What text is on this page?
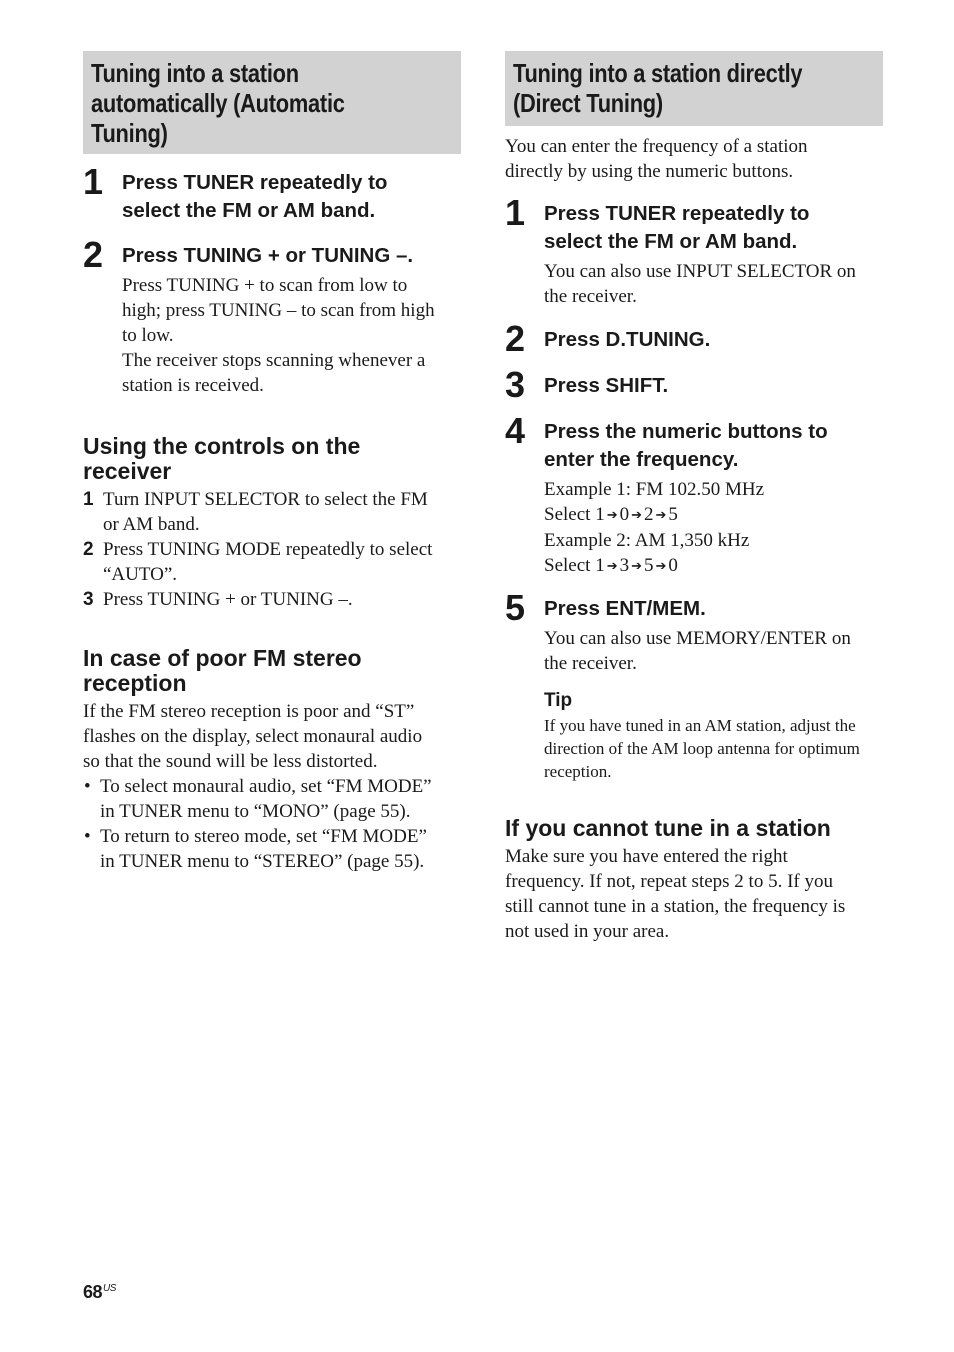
Tuning into a station
automatically (Automatic
Tuning)
1 Press TUNER repeatedly to
select the FM or AM band.
2 Press TUNING + or TUNING –.
Press TUNING + to scan from low to
high; press TUNING – to scan from high
to low.
The receiver stops scanning whenever a
station is received.
Using the controls on the
receiver
1 Turn INPUT SELECTOR to select the FM
or AM band.
2 Press TUNING MODE repeatedly to select
“AUTO”.
3 Press TUNING + or TUNING –.
In case of poor FM stereo
reception
If the FM stereo reception is poor and “ST”
flashes on the display, select monaural audio
so that the sound will be less distorted.
• To select monaural audio, set “FM MODE”
in TUNER menu to “MONO” (page 55).
• To return to stereo mode, set “FM MODE”
in TUNER menu to “STEREO” (page 55).
Tuning into a station directly
(Direct Tuning)
You can enter the frequency of a station
directly by using the numeric buttons.
1 Press TUNER repeatedly to
select the FM or AM band.
You can also use INPUT SELECTOR on
the receiver.
2 Press D.TUNING.
3 Press SHIFT.
4 Press the numeric buttons to
enter the frequency.
Example 1: FM 102.50 MHz
Select 1 ➔ 0 ➔ 2 ➔ 5
Example 2: AM 1,350 kHz
Select 1 ➔ 3 ➔ 5 ➔ 0
5 Press ENT/MEM.
You can also use MEMORY/ENTER on
the receiver.
Tip
If you have tuned in an AM station, adjust the
direction of the AM loop antenna for optimum
reception.
If you cannot tune in a station
Make sure you have entered the right
frequency. If not, repeat steps 2 to 5. If you
still cannot tune in a station, the frequency is
not used in your area.
$68^{US}$
